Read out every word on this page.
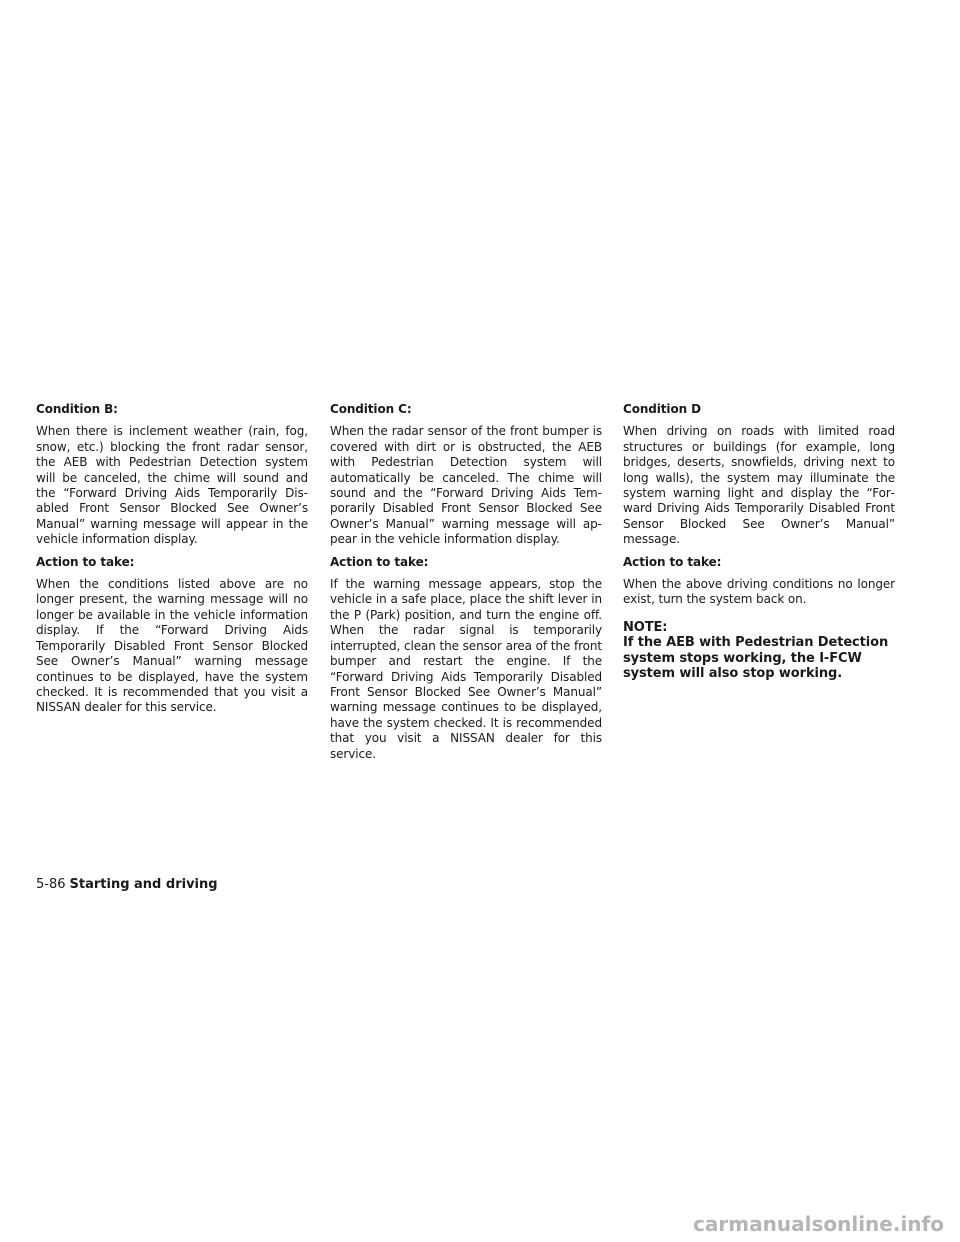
Condition B:

When there is inclement weather (rain, fog, snow, etc.) blocking the front radar sensor, the AEB with Pedestrian Detection system will be canceled, the chime will sound and the “Forward Driving Aids Temporarily Disabled Front Sensor Blocked See Owner’s Manual” warning message will appear in the vehicle information display.

Action to take:

When the conditions listed above are no longer present, the warning message will no longer be available in the vehicle information display. If the “Forward Driving Aids Temporarily Disabled Front Sensor Blocked See Owner’s Manual” warning message continues to be displayed, have the system checked. It is recommended that you visit a NISSAN dealer for this service.

Condition C:

When the radar sensor of the front bumper is covered with dirt or is obstructed, the AEB with Pedestrian Detection system will automatically be canceled. The chime will sound and the “Forward Driving Aids Temporarily Disabled Front Sensor Blocked See Owner’s Manual” warning message will appear in the vehicle information display.

Action to take:

If the warning message appears, stop the vehicle in a safe place, place the shift lever in the P (Park) position, and turn the engine off. When the radar signal is temporarily interrupted, clean the sensor area of the front bumper and restart the engine. If the “Forward Driving Aids Temporarily Disabled Front Sensor Blocked See Owner’s Manual” warning message continues to be displayed, have the system checked. It is recommended that you visit a NISSAN dealer for this service.

Condition D

When driving on roads with limited road structures or buildings (for example, long bridges, deserts, snowfields, driving next to long walls), the system may illuminate the system warning light and display the “Forward Driving Aids Temporarily Disabled Front Sensor Blocked See Owner’s Manual” message.

Action to take:

When the above driving conditions no longer exist, turn the system back on.

NOTE:

If the AEB with Pedestrian Detection system stops working, the I-FCW system will also stop working.

5-86 Starting and driving
carmanualsonline.info
